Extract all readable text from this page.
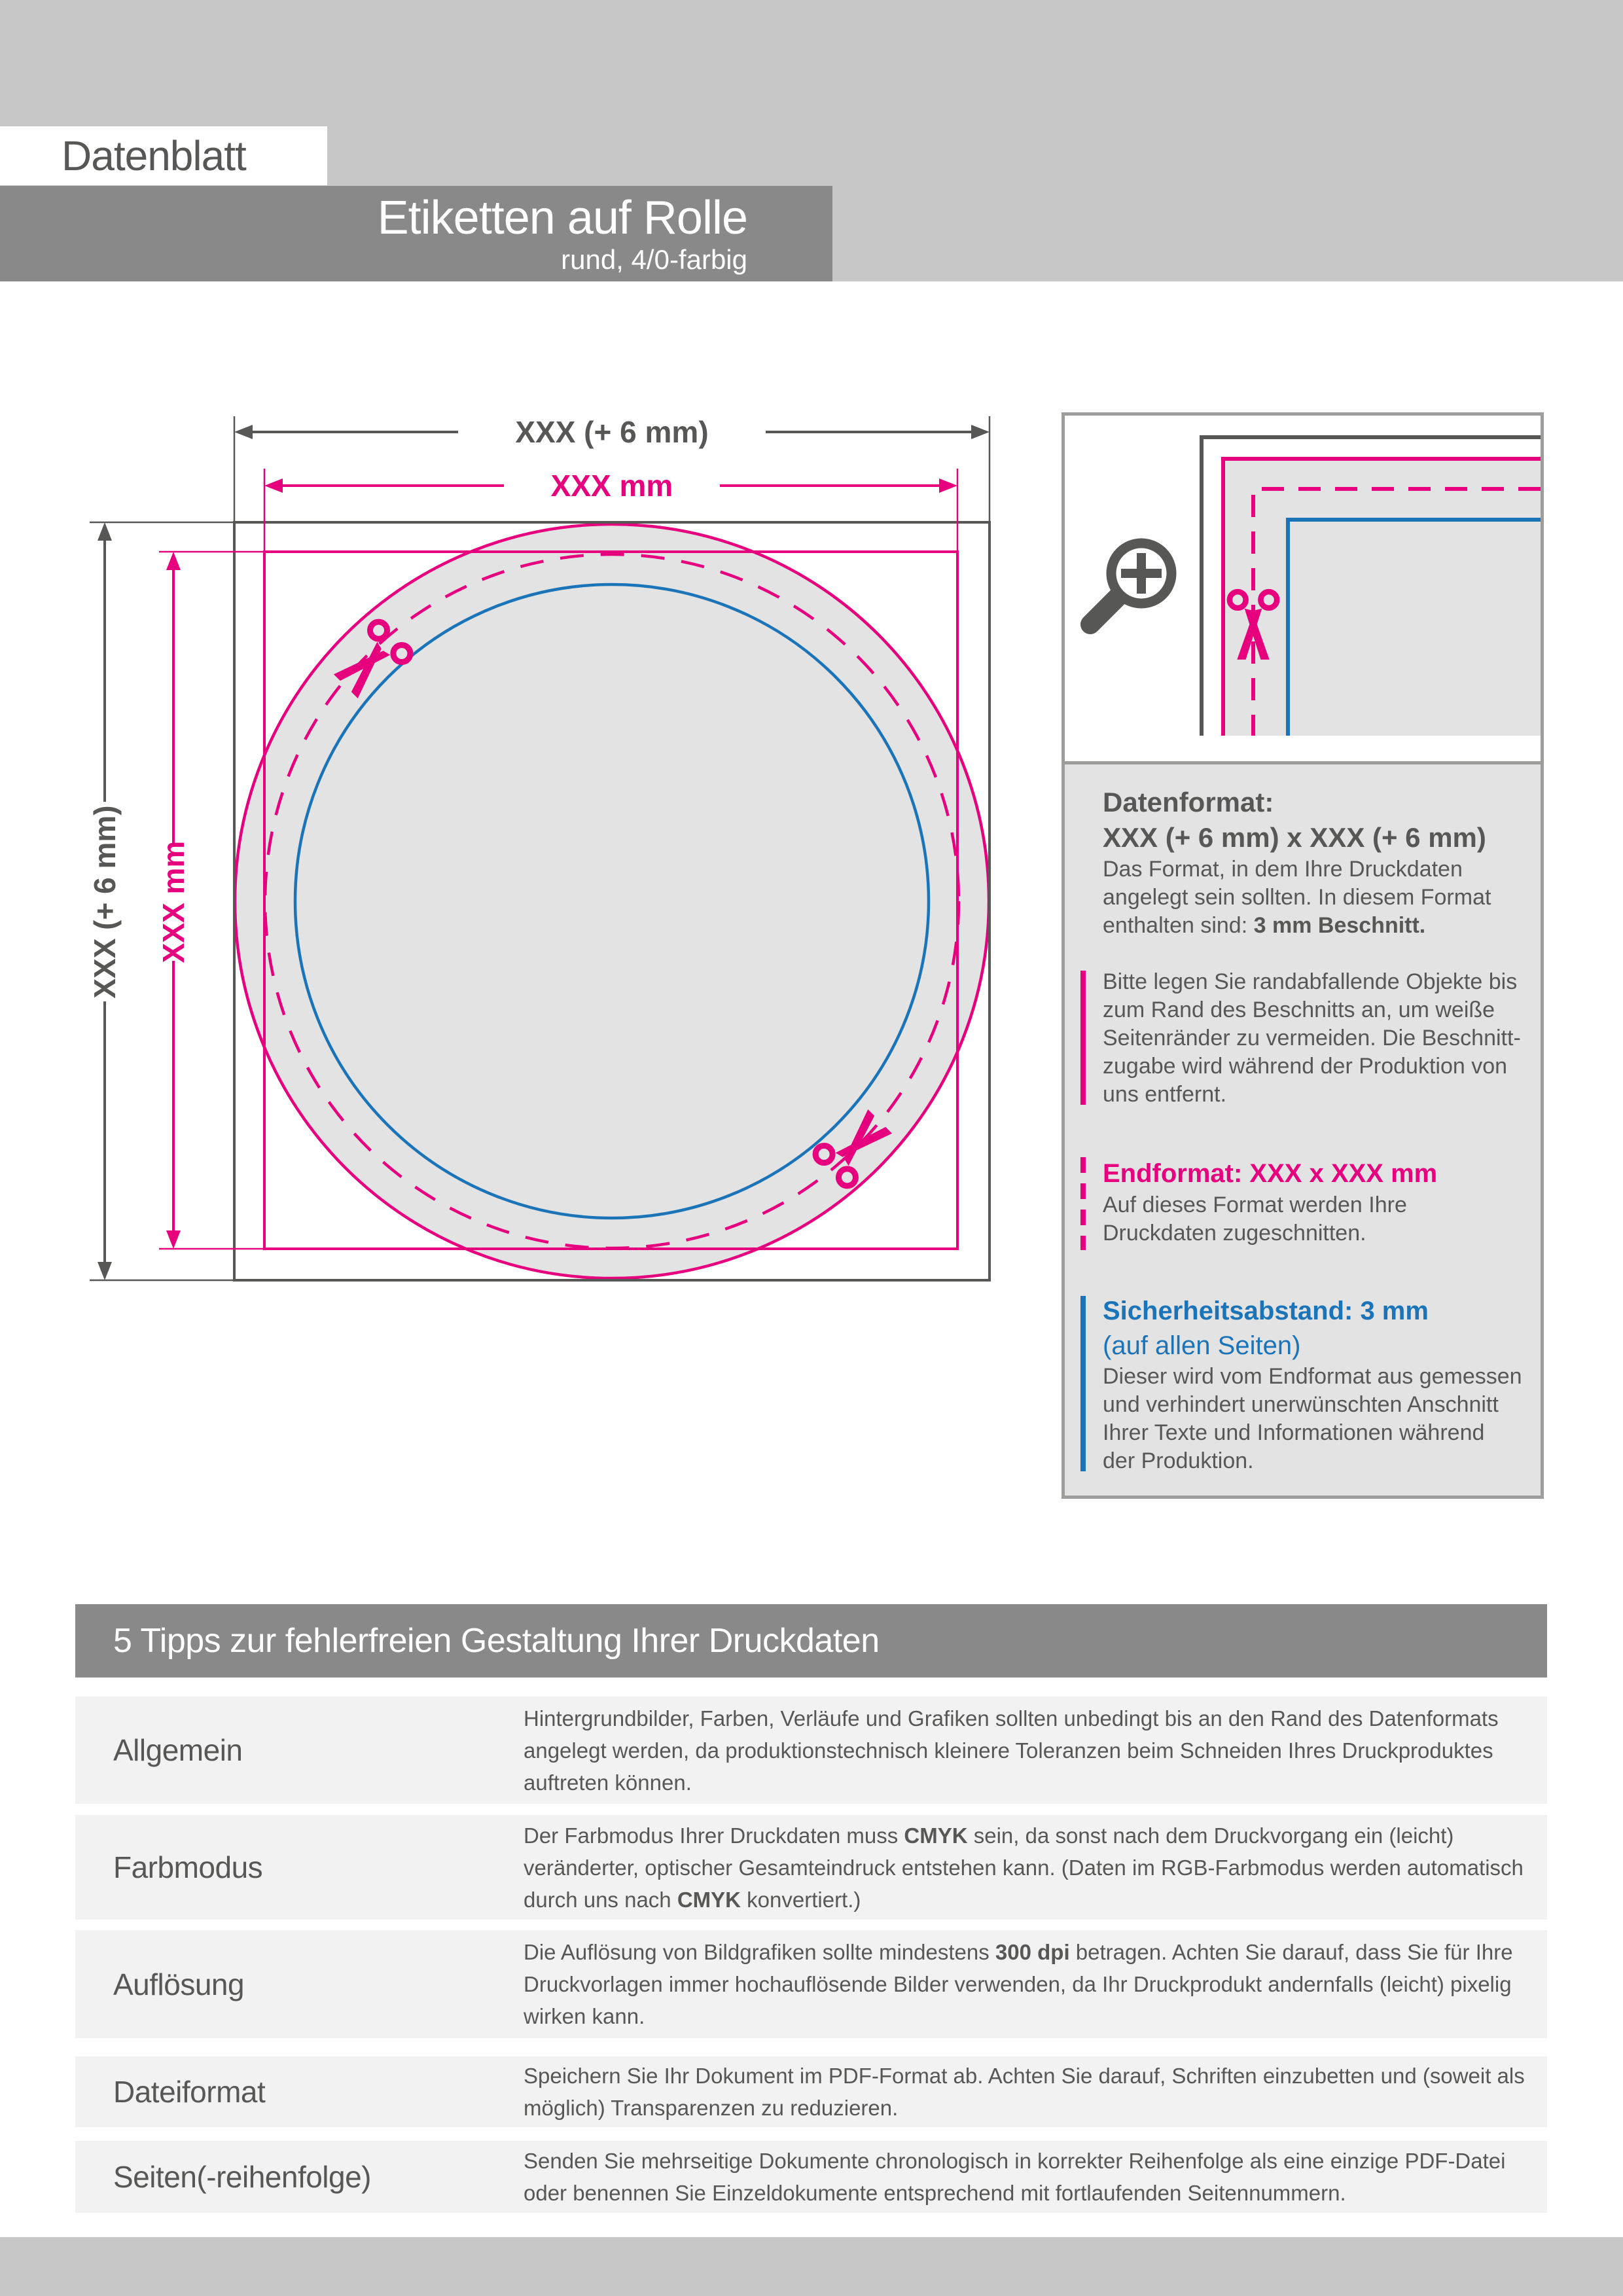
Datenblatt
Etiketten auf Rolle
rund, 4/0-farbig
Datenformat:
XXX (+ 6 mm) x XXX (+ 6 mm)
Das Format, in dem Ihre Druckdaten angelegt sein sollten. In diesem Format enthalten sind: 3 mm Beschnitt.
Bitte legen Sie randabfallende Objekte bis zum Rand des Beschnitts an, um weiße Seitenränder zu vermeiden. Die Beschnittzugabe wird während der Produktion von uns entfernt.
Endformat: XXX x XXX mm
Auf dieses Format werden Ihre Druckdaten zugeschnitten.
Sicherheitsabstand: 3 mm
(auf allen Seiten)
Dieser wird vom Endformat aus gemessen und verhindert unerwünschten Anschnitt Ihrer Texte und Informationen während der Produktion.
XXX (+ 6 mm)
XXX mm
XXX (+ 6 mm) XXX mm
5 Tipps zur fehlerfreien Gestaltung Ihrer Druckdaten
Allgemein

Hintergrundbilder, Farben, Verläufe und Grafiken sollten unbedingt bis an den Rand des Datenformats angelegt werden, da produktionstechnisch kleinere Toleranzen beim Schneiden Ihres Druckproduktes auftreten können.

Farbmodus

Der Farbmodus Ihrer Druckdaten muss CMYK sein, da sonst nach dem Druckvorgang ein (leicht) veränderter, optischer Gesamteindruck entstehen kann. (Daten im RGB-Farbmodus werden automatisch durch uns nach CMYK konvertiert.)

Auflösung

Die Auflösung von Bildgrafiken sollte mindestens 300 dpi betragen. Achten Sie darauf, dass Sie für Ihre Druckvorlagen immer hochauflösende Bilder verwenden, da Ihr Druckprodukt andernfalls (leicht) pixelig wirken kann.

Dateiformat	Speichern Sie Ihr Dokument im PDF-Format ab. Achten Sie darauf, Schriften einzubetten und (soweit als möglich) Transparenzen zu reduzieren.

Seiten(-reihenfolge)	Senden Sie mehrseitige Dokumente chronologisch in korrekter Reihenfolge als eine einzige PDF-Datei oder benennen Sie Einzeldokumente entsprechend mit fortlaufenden Seitennummern.
